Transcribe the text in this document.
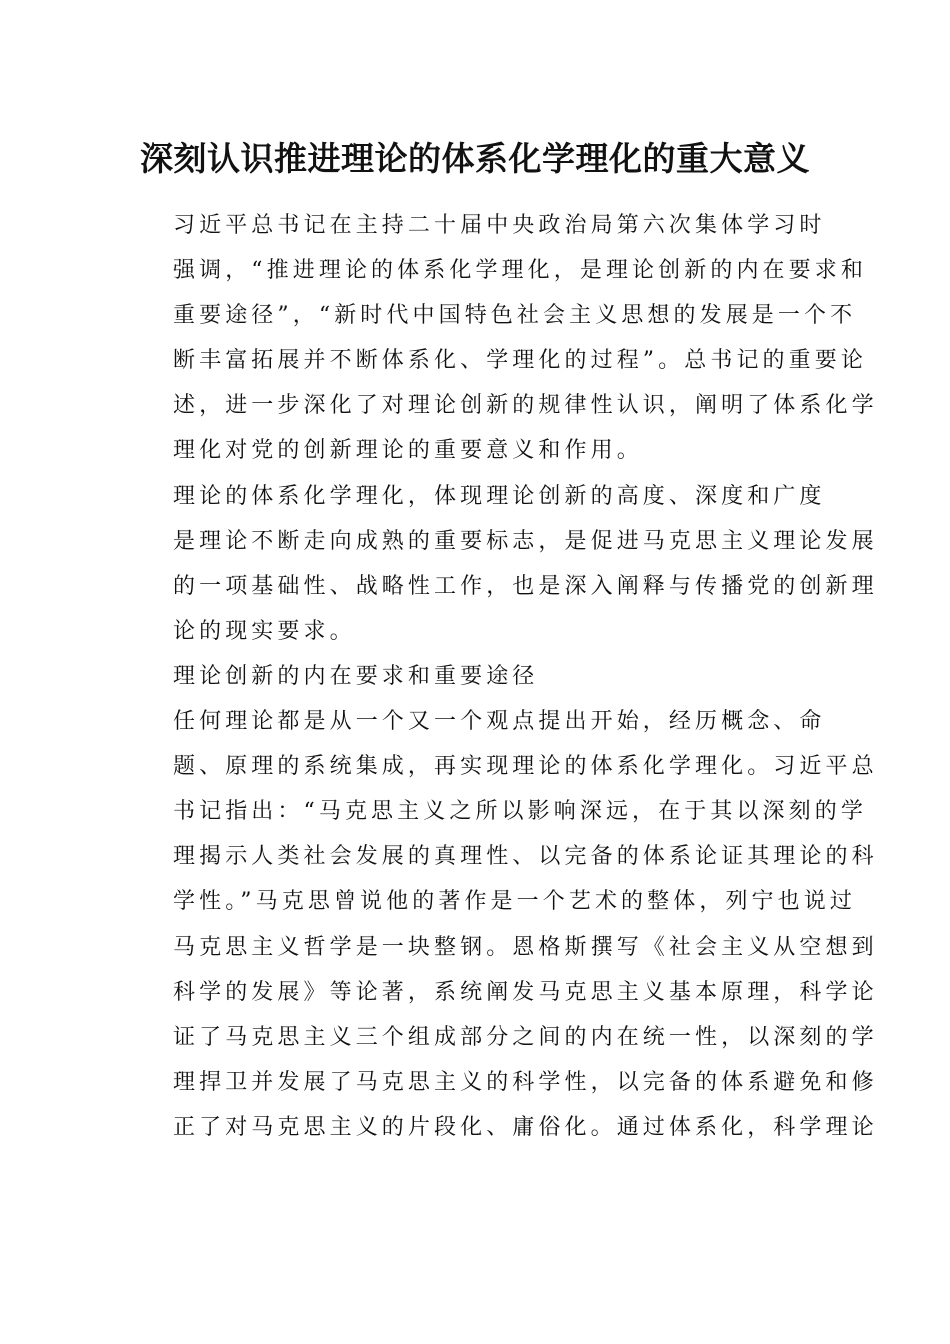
深刻认识推进理论的体系化学理化的重大意义
习近平总书记在主持二十届中央政治局第六次集体学习时
强调，“推进理论的体系化学理化，是理论创新的内在要求和
重要途径”，“新时代中国特色社会主义思想的发展是一个不
断丰富拓展并不断体系化、学理化的过程”。总书记的重要论
述，进一步深化了对理论创新的规律性认识，阐明了体系化学
理化对党的创新理论的重要意义和作用。
理论的体系化学理化，体现理论创新的高度、深度和广度
是理论不断走向成熟的重要标志，是促进马克思主义理论发展
的一项基础性、战略性工作，也是深入阐释与传播党的创新理
论的现实要求。
理论创新的内在要求和重要途径
任何理论都是从一个又一个观点提出开始，经历概念、命
题、原理的系统集成，再实现理论的体系化学理化。习近平总
书记指出：“马克思主义之所以影响深远，在于其以深刻的学
理揭示人类社会发展的真理性、以完备的体系论证其理论的科
学性。”马克思曾说他的著作是一个艺术的整体，列宁也说过
马克思主义哲学是一块整钢。恩格斯撰写《社会主义从空想到
科学的发展》等论著，系统阐发马克思主义基本原理，科学论
证了马克思主义三个组成部分之间的内在统一性，以深刻的学
理捍卫并发展了马克思主义的科学性，以完备的体系避免和修
正了对马克思主义的片段化、庸俗化。通过体系化，科学理论
